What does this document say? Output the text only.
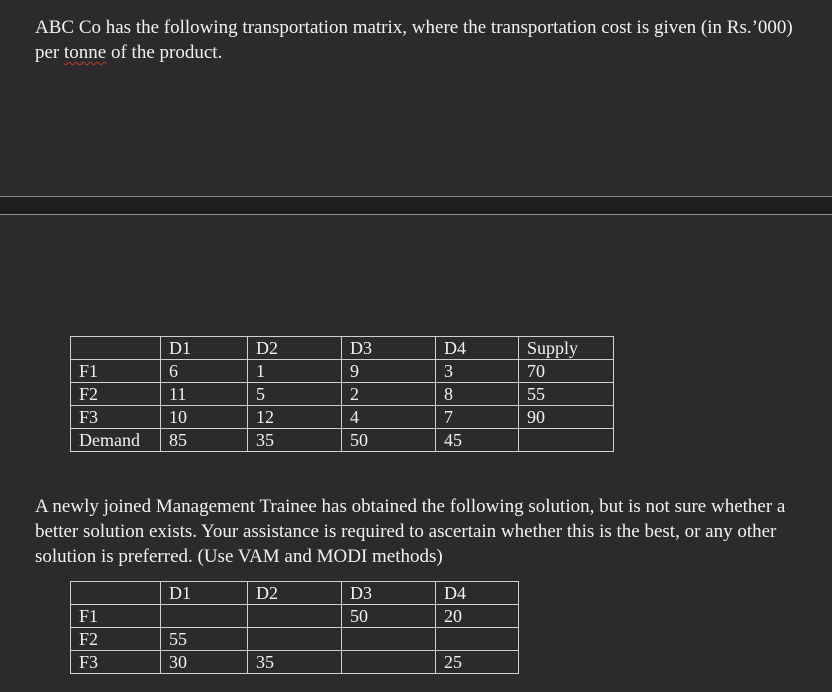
ABC Co has the following transportation matrix, where the transportation cost is given (in Rs.’000) per tonne of the product.

	D1	D2	D3	D4	Supply
F1	6	1	9	3	70
F2	11	5	2	8	55
F3	10	12	4	7	90
Demand	85	35	50	45	

A newly joined Management Trainee has obtained the following solution, but is not sure whether a better solution exists. Your assistance is required to ascertain whether this is the best, or any other solution is preferred. (Use VAM and MODI methods)

	D1	D2	D3	D4
F1			50	20
F2	55			
F3	30	35		25
